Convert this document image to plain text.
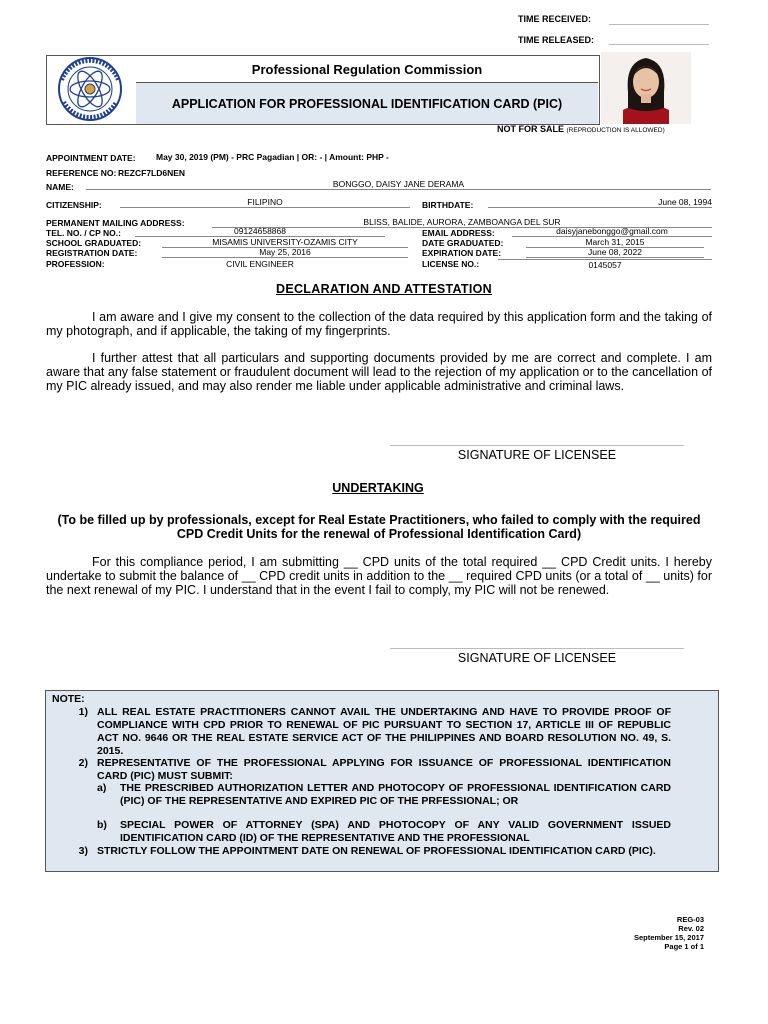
TIME RECEIVED:
TIME RELEASED:
Professional Regulation Commission
APPLICATION FOR PROFESSIONAL IDENTIFICATION CARD (PIC)
NOT FOR SALE (REPRODUCTION IS ALLOWED)
APPOINTMENT DATE: May 30, 2019 (PM) - PRC Pagadian | OR: - | Amount: PHP -
REFERENCE NO: REZCF7LD6NEN
NAME:	BONGGO, DAISY JANE DERAMA
CITIZENSHIP:	FILIPINO	BIRTHDATE:	June 08, 1994
PERMANENT MAILING ADDRESS:	BLISS, BALIDE, AURORA, ZAMBOANGA DEL SUR
TEL. NO. / CP NO.:	09124658868	EMAIL ADDRESS:	daisyjanebonggo@gmail.com
SCHOOL GRADUATED:	MISAMIS UNIVERSITY-OZAMIS CITY	DATE GRADUATED:	March 31, 2015
REGISTRATION DATE:	May 25, 2016	EXPIRATION DATE:	June 08, 2022
PROFESSION:	CIVIL ENGINEER	LICENSE NO.:	0145057
DECLARATION AND ATTESTATION
I am aware and I give my consent to the collection of the data required by this application form and the taking of my photograph, and if applicable, the taking of my fingerprints.
I further attest that all particulars and supporting documents provided by me are correct and complete. I am aware that any false statement or fraudulent document will lead to the rejection of my application or to the cancellation of my PIC already issued, and may also render me liable under applicable administrative and criminal laws.
SIGNATURE OF LICENSEE
UNDERTAKING
(To be filled up by professionals, except for Real Estate Practitioners, who failed to comply with the required CPD Credit Units for the renewal of Professional Identification Card)
For this compliance period, I am submitting __ CPD units of the total required __ CPD Credit units. I hereby undertake to submit the balance of __ CPD credit units in addition to the __ required CPD units (or a total of __ units) for the next renewal of my PIC. I understand that in the event I fail to comply, my PIC will not be renewed.
SIGNATURE OF LICENSEE
NOTE:
1) ALL REAL ESTATE PRACTITIONERS CANNOT AVAIL THE UNDERTAKING AND HAVE TO PROVIDE PROOF OF COMPLIANCE WITH CPD PRIOR TO RENEWAL OF PIC PURSUANT TO SECTION 17, ARTICLE III OF REPUBLIC ACT NO. 9646 OR THE REAL ESTATE SERVICE ACT OF THE PHILIPPINES AND BOARD RESOLUTION NO. 49, S. 2015.
2) REPRESENTATIVE OF THE PROFESSIONAL APPLYING FOR ISSUANCE OF PROFESSIONAL IDENTIFICATION CARD (PIC) MUST SUBMIT:
a) THE PRESCRIBED AUTHORIZATION LETTER AND PHOTOCOPY OF PROFESSIONAL IDENTIFICATION CARD (PIC) OF THE REPRESENTATIVE AND EXPIRED PIC OF THE PRFESSIONAL; OR
b) SPECIAL POWER OF ATTORNEY (SPA) AND PHOTOCOPY OF ANY VALID GOVERNMENT ISSUED IDENTIFICATION CARD (ID) OF THE REPRESENTATIVE AND THE PROFESSIONAL
3) STRICTLY FOLLOW THE APPOINTMENT DATE ON RENEWAL OF PROFESSIONAL IDENTIFICATION CARD (PIC).
REG-03
Rev. 02
September 15, 2017
Page 1 of 1
